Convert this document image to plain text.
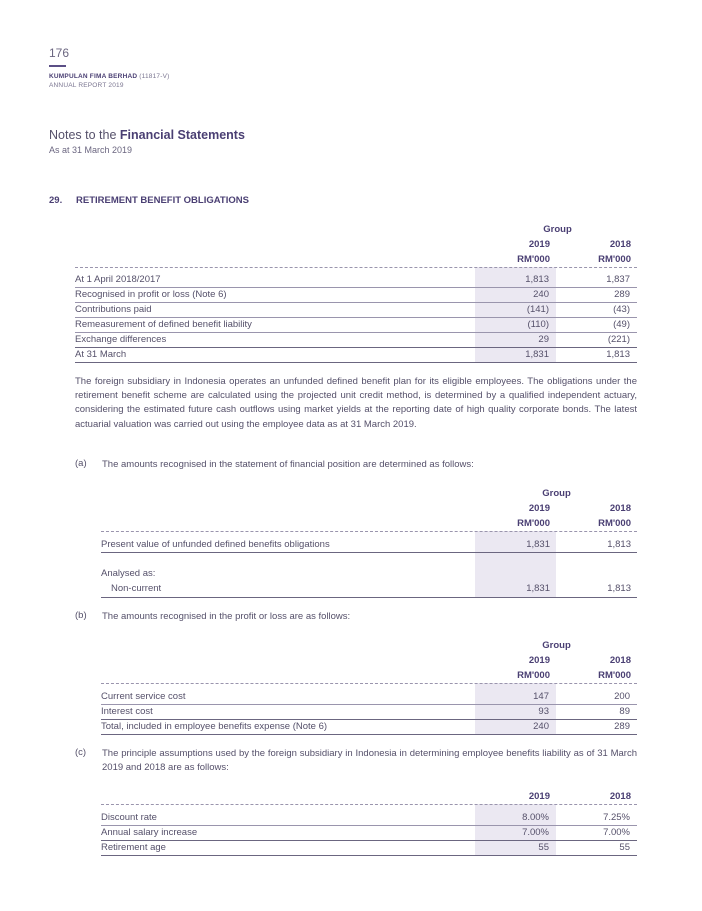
176
KUMPULAN FIMA BERHAD (11817-V)
ANNUAL REPORT 2019
Notes to the Financial Statements
As at 31 March 2019
29. RETIREMENT BENEFIT OBLIGATIONS
Group
2019	2018
RM'000	RM'000
At 1 April 2018/2017	1,813	1,837
Recognised in profit or loss (Note 6)	240	289
Contributions paid	(141)	(43)
Remeasurement of defined benefit liability	(110)	(49)
Exchange differences	29	(221)
At 31 March	1,831	1,813
The foreign subsidiary in Indonesia operates an unfunded defined benefit plan for its eligible employees. The obligations under the retirement benefit scheme are calculated using the projected unit credit method, is determined by a qualified independent actuary, considering the estimated future cash outflows using market yields at the reporting date of high quality corporate bonds. The latest actuarial valuation was carried out using the employee data as at 31 March 2019.
(a) The amounts recognised in the statement of financial position are determined as follows:
Group
2019	2018
RM'000	RM'000
Present value of unfunded defined benefits obligations	1,831	1,813
Analysed as:
Non-current	1,831	1,813
(b) The amounts recognised in the profit or loss are as follows:
Group
2019	2018
RM'000	RM'000
Current service cost	147	200
Interest cost	93	89
Total, included in employee benefits expense (Note 6)	240	289
(c) The principle assumptions used by the foreign subsidiary in Indonesia in determining employee benefits liability as of 31 March 2019 and 2018 are as follows:
2019	2018
Discount rate	8.00%	7.25%
Annual salary increase	7.00%	7.00%
Retirement age	55	55
